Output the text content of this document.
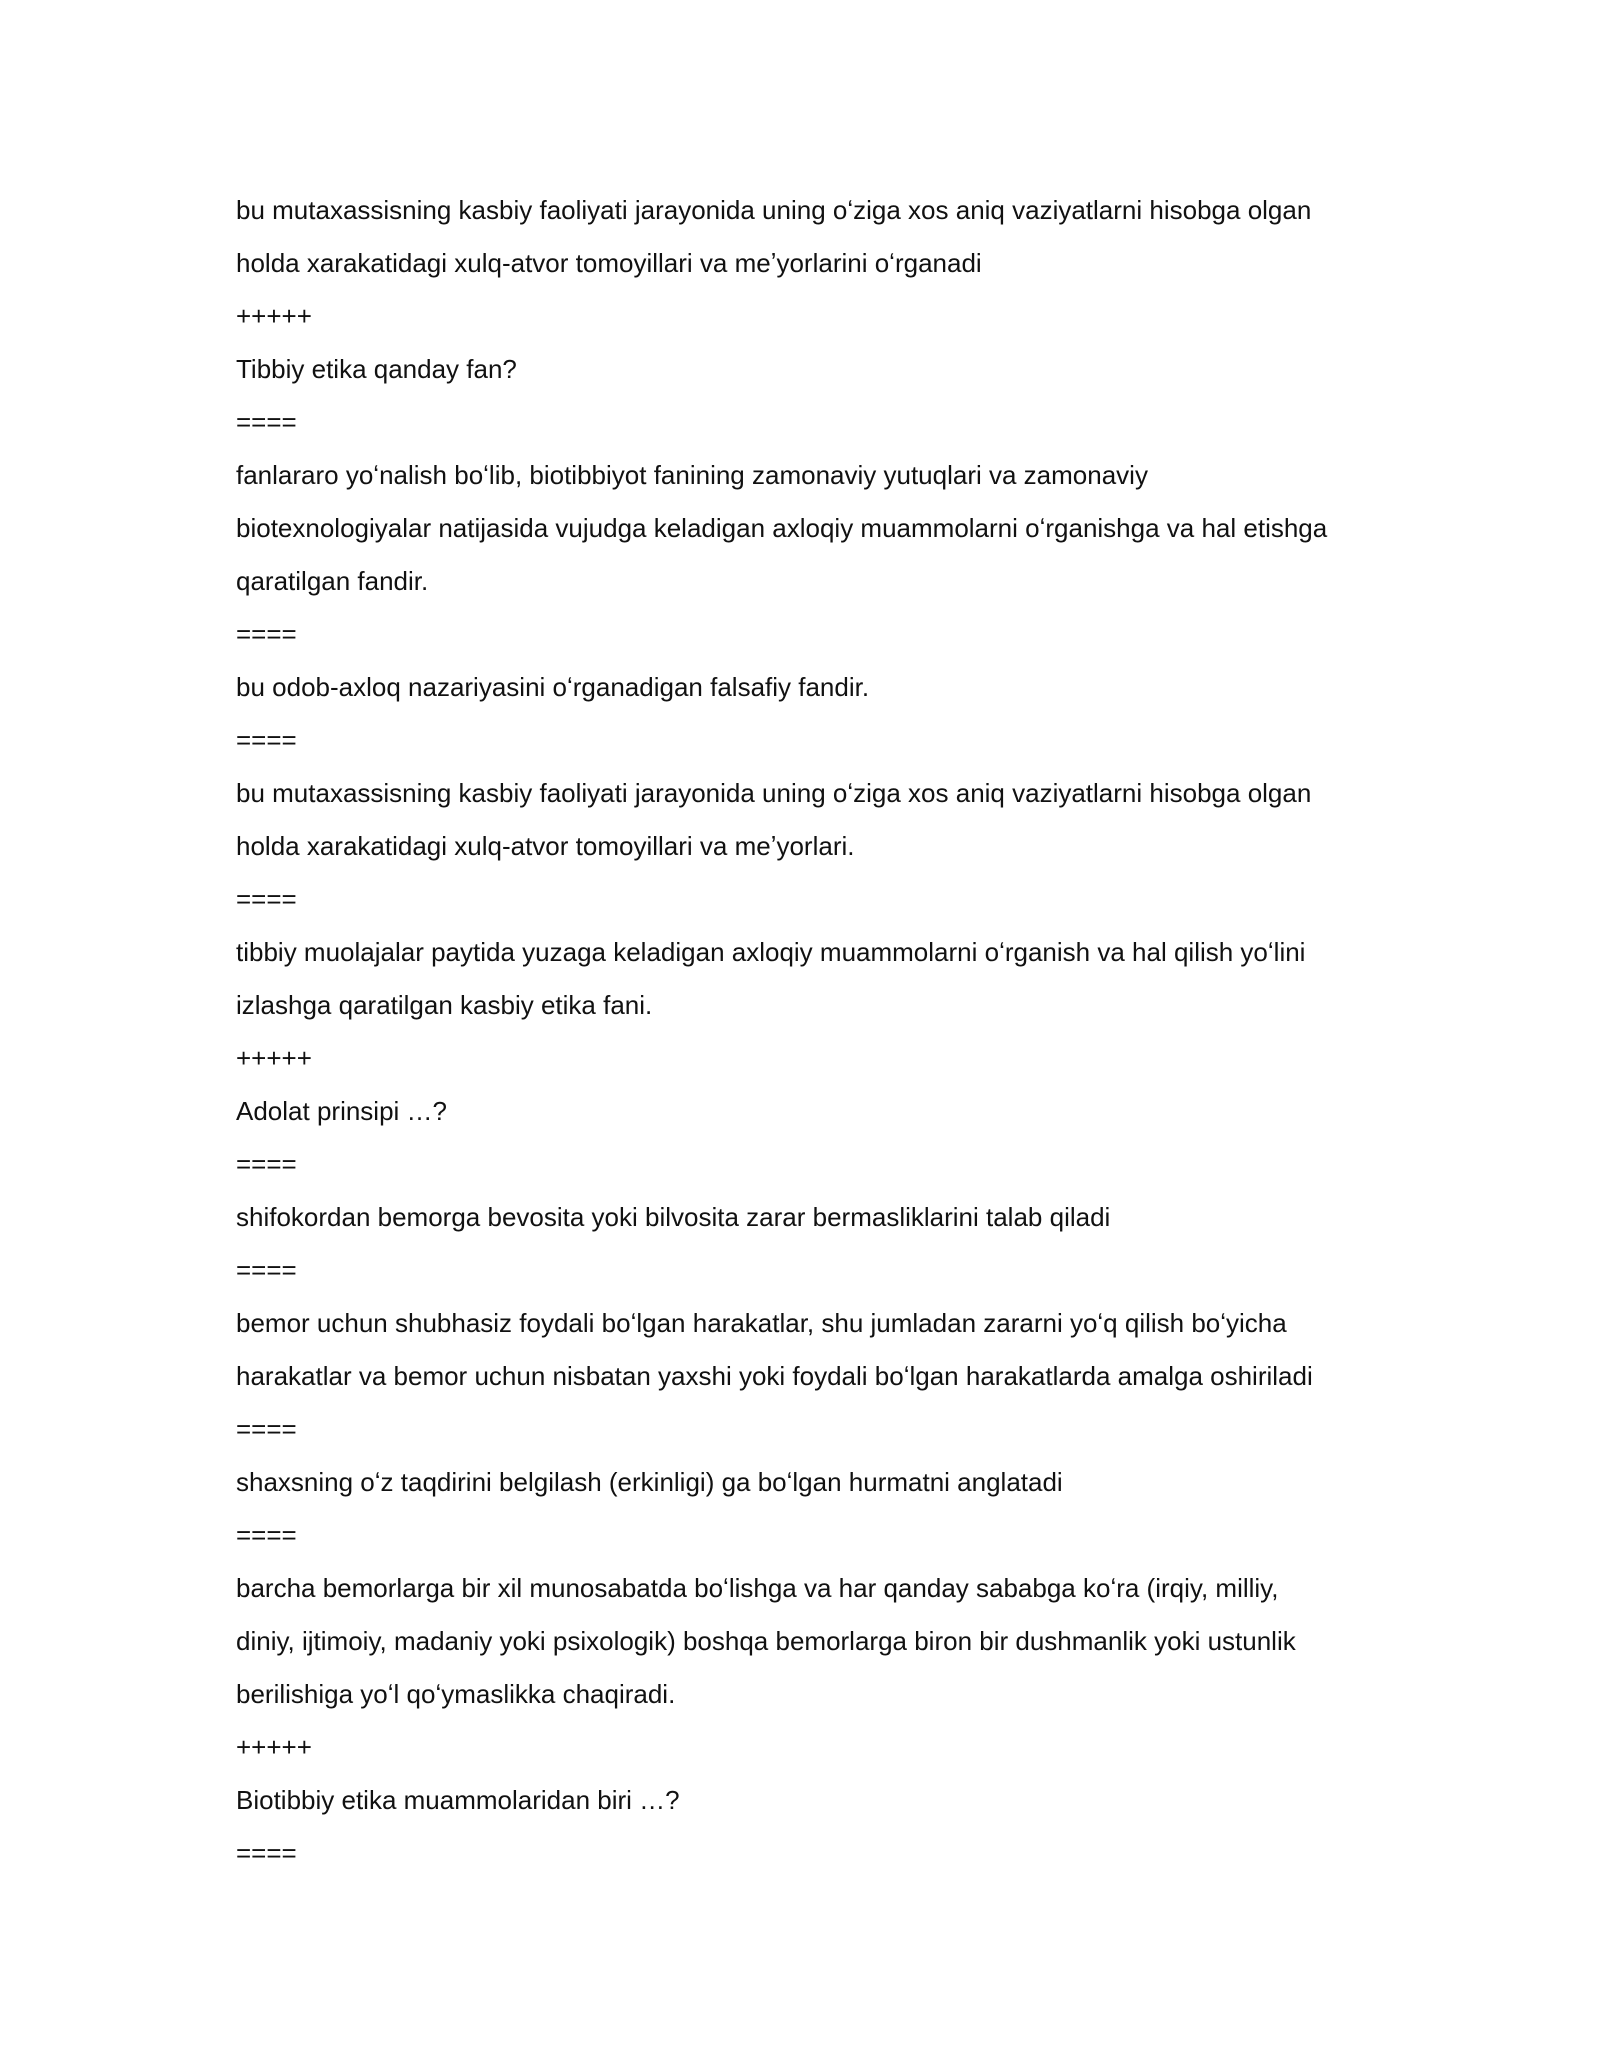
bu mutaxassisning kasbiy faoliyati jarayonida uning oʻziga xos aniq vaziyatlarni hisobga olgan
holda xarakatidagi xulq-atvor tomoyillari va meʼyorlarini oʻrganadi
+++++
Tibbiy etika qanday fan?
====
fanlararo yoʻnalish boʻlib, biotibbiyot fanining zamonaviy yutuqlari va zamonaviy
biotexnologiyalar natijasida vujudga keladigan axloqiy muammolarni oʻrganishga va hal etishga
qaratilgan fandir.
====
bu odob-axloq nazariyasini oʻrganadigan falsafiy fandir.
====
bu mutaxassisning kasbiy faoliyati jarayonida uning oʻziga xos aniq vaziyatlarni hisobga olgan
holda xarakatidagi xulq-atvor tomoyillari va meʼyorlari.
====
tibbiy muolajalar paytida yuzaga keladigan axloqiy muammolarni oʻrganish va hal qilish yoʻlini
izlashga qaratilgan kasbiy etika fani.
+++++
Adolat prinsipi …?
====
shifokordan bemorga bevosita yoki bilvosita zarar bermasliklarini talab qiladi
====
bemor uchun shubhasiz foydali boʻlgan harakatlar, shu jumladan zararni yoʻq qilish boʻyicha
harakatlar va bemor uchun nisbatan yaxshi yoki foydali boʻlgan harakatlarda amalga oshiriladi
====
shaxsning oʻz taqdirini belgilash (erkinligi) ga boʻlgan hurmatni anglatadi
====
barcha bemorlarga bir xil munosabatda boʻlishga va har qanday sababga koʻra (irqiy, milliy,
diniy, ijtimoiy, madaniy yoki psixologik) boshqa bemorlarga biron bir dushmanlik yoki ustunlik
berilishiga yoʻl qoʻymaslikka chaqiradi.
+++++
Biotibbiy etika muammolaridan biri …?
====
